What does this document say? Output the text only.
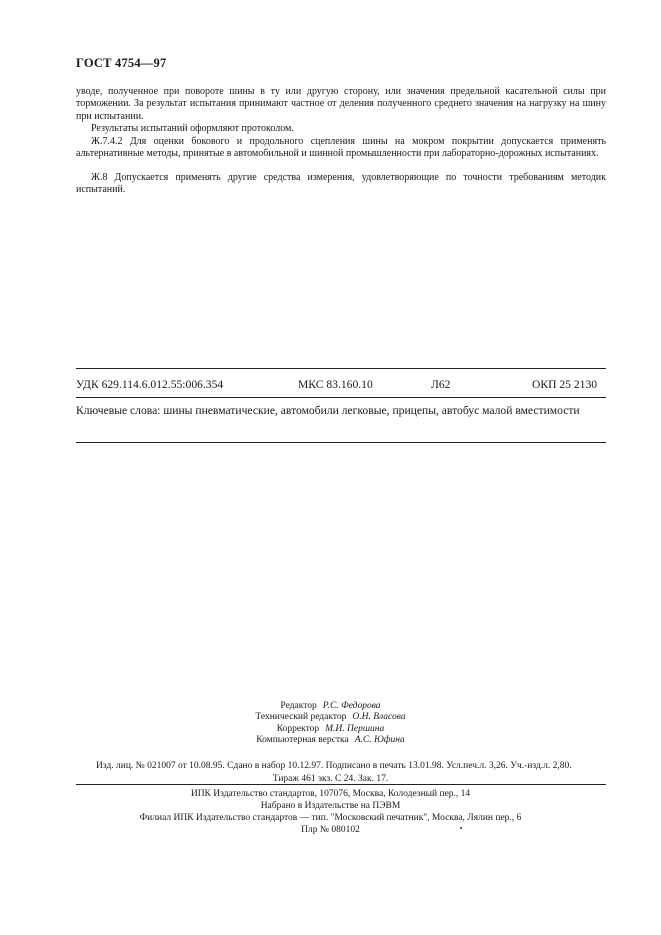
ГОСТ 4754—97
уводе, полученное при повороте шины в ту или другую сторону, или значения предельной касательной силы при торможении. За результат испытания принимают частное от деления полученного среднего значения на нагрузку на шину при испытании.
Результаты испытаний оформляют протоколом.
Ж.7.4.2 Для оценки бокового и продольного сцепления шины на мокром покрытии допускается применять альтернативные методы, принятые в автомобильной и шинной промышленности при лабораторно-дорожных испытаниях.
Ж.8 Допускается применять другие средства измерения, удовлетворяющие по точности требованиям методик испытаний.
УДК 629.114.6.012.55:006.354	МКС 83.160.10	Л62	ОКП 25 2130
Ключевые слова: шины пневматические, автомобили легковые, прицепы, автобус малой вместимости
Редактор Р.С. Федорова
Технический редактор О.Н. Власова
Корректор М.И. Першина
Компьютерная верстка А.С. Юфина
Изд. лиц. № 021007 от 10.08.95. Сдано в набор 10.12.97. Подписано в печать 13.01.98. Усл.печ.л. 3,26. Уч.-изд.л. 2,80.
Тираж 461 экз. С 24. Зак. 17.
ИПК Издательство стандартов, 107076, Москва, Колодезный пер., 14
Набрано в Издательстве на ПЭВМ
Филиал ИПК Издательство стандартов — тип. "Московский печатник", Москва, Лялин пер., 6
Плр № 080102
